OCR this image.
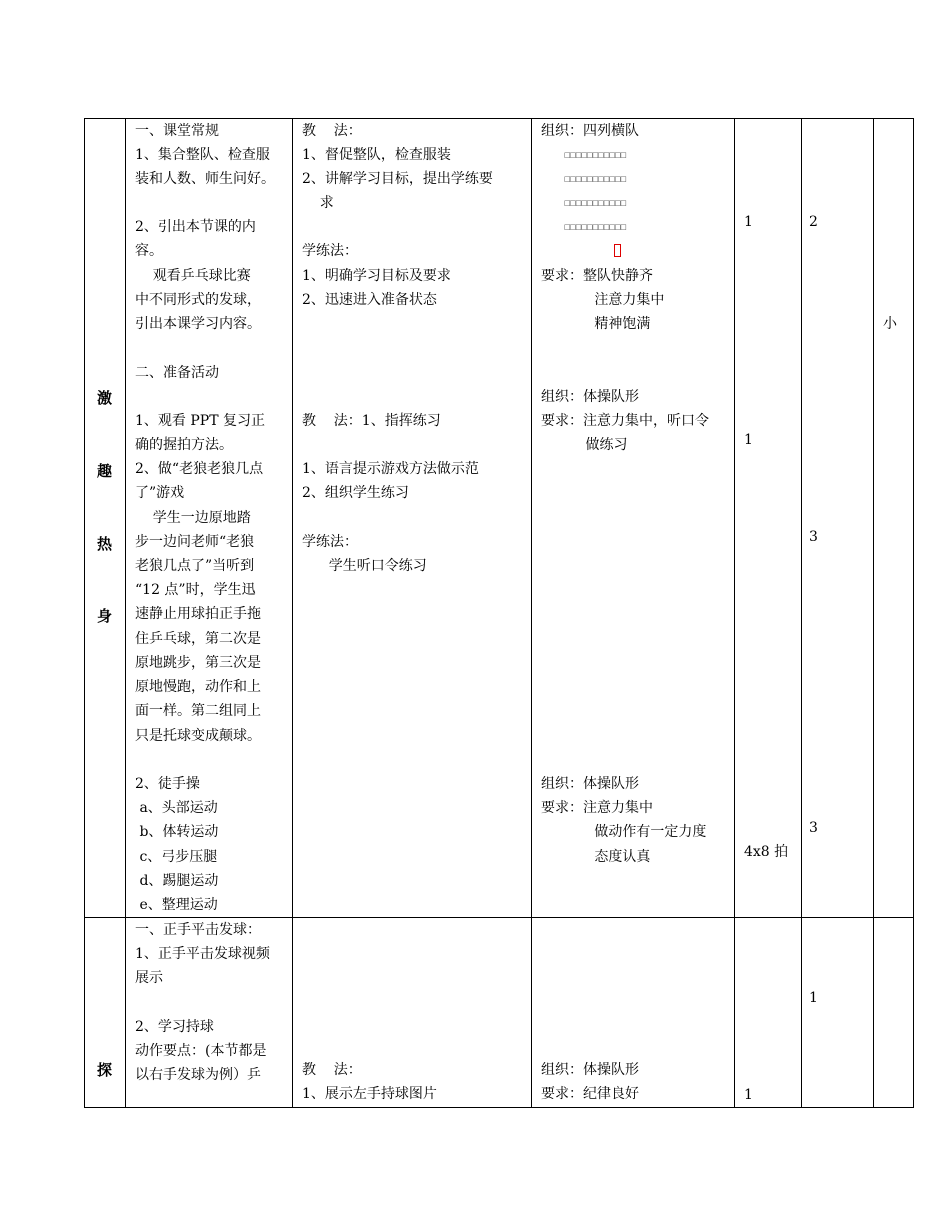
激
趣
热
身
一、课堂常规
1、集合整队、检查服
装和人数、师生问好。
2、引出本节课的内
容。
观看乒乓球比赛
中不同形式的发球，
引出本课学习内容。
二、准备活动
1、观看 PPT 复习正
确的握拍方法。
2、做“老狼老狼几点
了”游戏
学生一边原地踏
步一边问老师“老狼
老狼几点了”当听到
“12 点”时，学生迅
速静止用球拍正手拖
住乒乓球，第二次是
原地跳步，第三次是
原地慢跑，动作和上
面一样。第二组同上
只是托球变成颠球。
2、徒手操
a、头部运动
b、体转运动
c、弓步压腿
d、踢腿运动
e、整理运动
教    法：
1、督促整队，检查服装
2、讲解学习目标，提出学练要
求
学练法：
1、明确学习目标及要求
2、迅速进入准备状态
教    法：1、指挥练习
1、语言提示游戏方法做示范
2、组织学生练习
学练法：
学生听口令练习
组织：四列横队
□□□□□□□□□□□
□□□□□□□□□□□
□□□□□□□□□□□
□□□□□□□□□□□
要求：整队快静齐
注意力集中
精神饱满
组织：体操队形
要求：注意力集中，听口令
做练习
组织：体操队形
要求：注意力集中
做动作有一定力度
态度认真
1
1
4x8 拍
2
3
3
小
探
一、正手平击发球：
1、正手平击发球视频
展示
2、学习持球
动作要点：(本节都是
以右手发球为例）乒	教    法：
1、展示左手持球图片
组织：体操队形
要求：纪律良好	1
1
